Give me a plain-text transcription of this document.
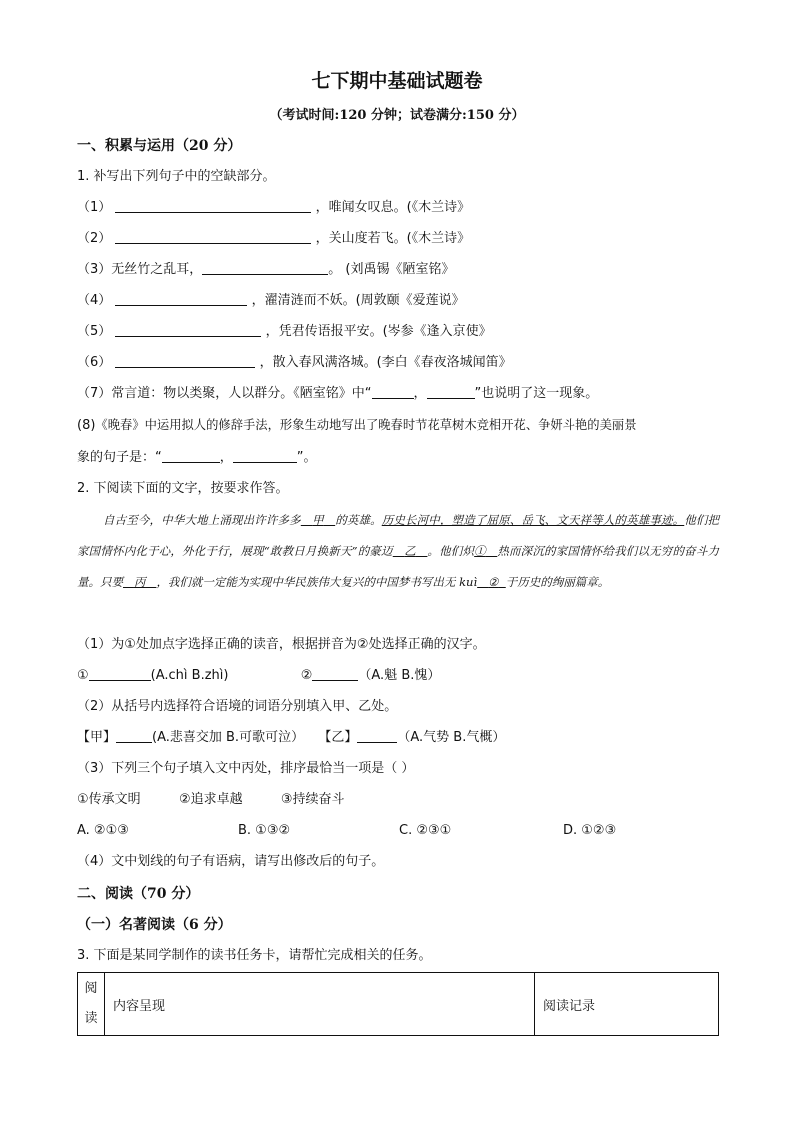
七下期中基础试题卷
（考试时间:120 分钟；试卷满分:150 分）
一、积累与运用（20 分）
1. 补写出下列句子中的空缺部分。
（1）	，唯闻女叹息。(《木兰诗》
（2）	，关山度若飞。(《木兰诗》
（3）无丝竹之乱耳，	。 (刘禹锡《陋室铭》
（4）	，濯清涟而不妖。(周敦颐《爱莲说》
（5）	，凭君传语报平安。(岑参《逢入京使》
（6）	，散入春风满洛城。(李白《春夜洛城闻笛》
（7）常言道：物以类聚，人以群分。《陋室铭》中“	，	”也说明了这一现象。
(8)《晚春》中运用拟人的修辞手法，形象生动地写出了晚春时节花草树木竞相开花、争妍斗艳的美丽景
象的句子是：“	，	”。
2. 下阅读下面的文字，按要求作答。
自古至今，中华大地上涌现出许许多多 甲 的英雄。历史长河中，塑造了屈原、岳飞、文天祥等人的英雄事迹。他们把家国情怀内化于心，外化于行，展现“敢教日月换新天”的豪迈 乙 。他们炽① 热而深沉的家国情怀给我们以无穷的奋斗力量。只要 丙 ，我们就一定能为实现中华民族伟大复兴的中国梦书写出无 kuì ② 于历史的绚丽篇章。
（1）为①处加点字选择正确的读音，根据拼音为②处选择正确的汉字。
①	(A.chì B.zhì)	②	（A.魁 B.愧）
（2）从括号内选择符合语境的词语分别填入甲、乙处。
【甲】	(A.悲喜交加 B.可歌可泣） 【乙】	（A.气势 B.气概）
（3）下列三个句子填入文中丙处，排序最恰当一项是（ ）
①传承文明	②追求卓越	③持续奋斗
A. ②①③	B. ①③②	C. ②③①	D. ①②③
（4）文中划线的句子有语病，请写出修改后的句子。
二、阅读（70 分）
（一）名著阅读（6 分）
3. 下面是某同学制作的读书任务卡，请帮忙完成相关的任务。
阅读	内容呈现	阅读记录
